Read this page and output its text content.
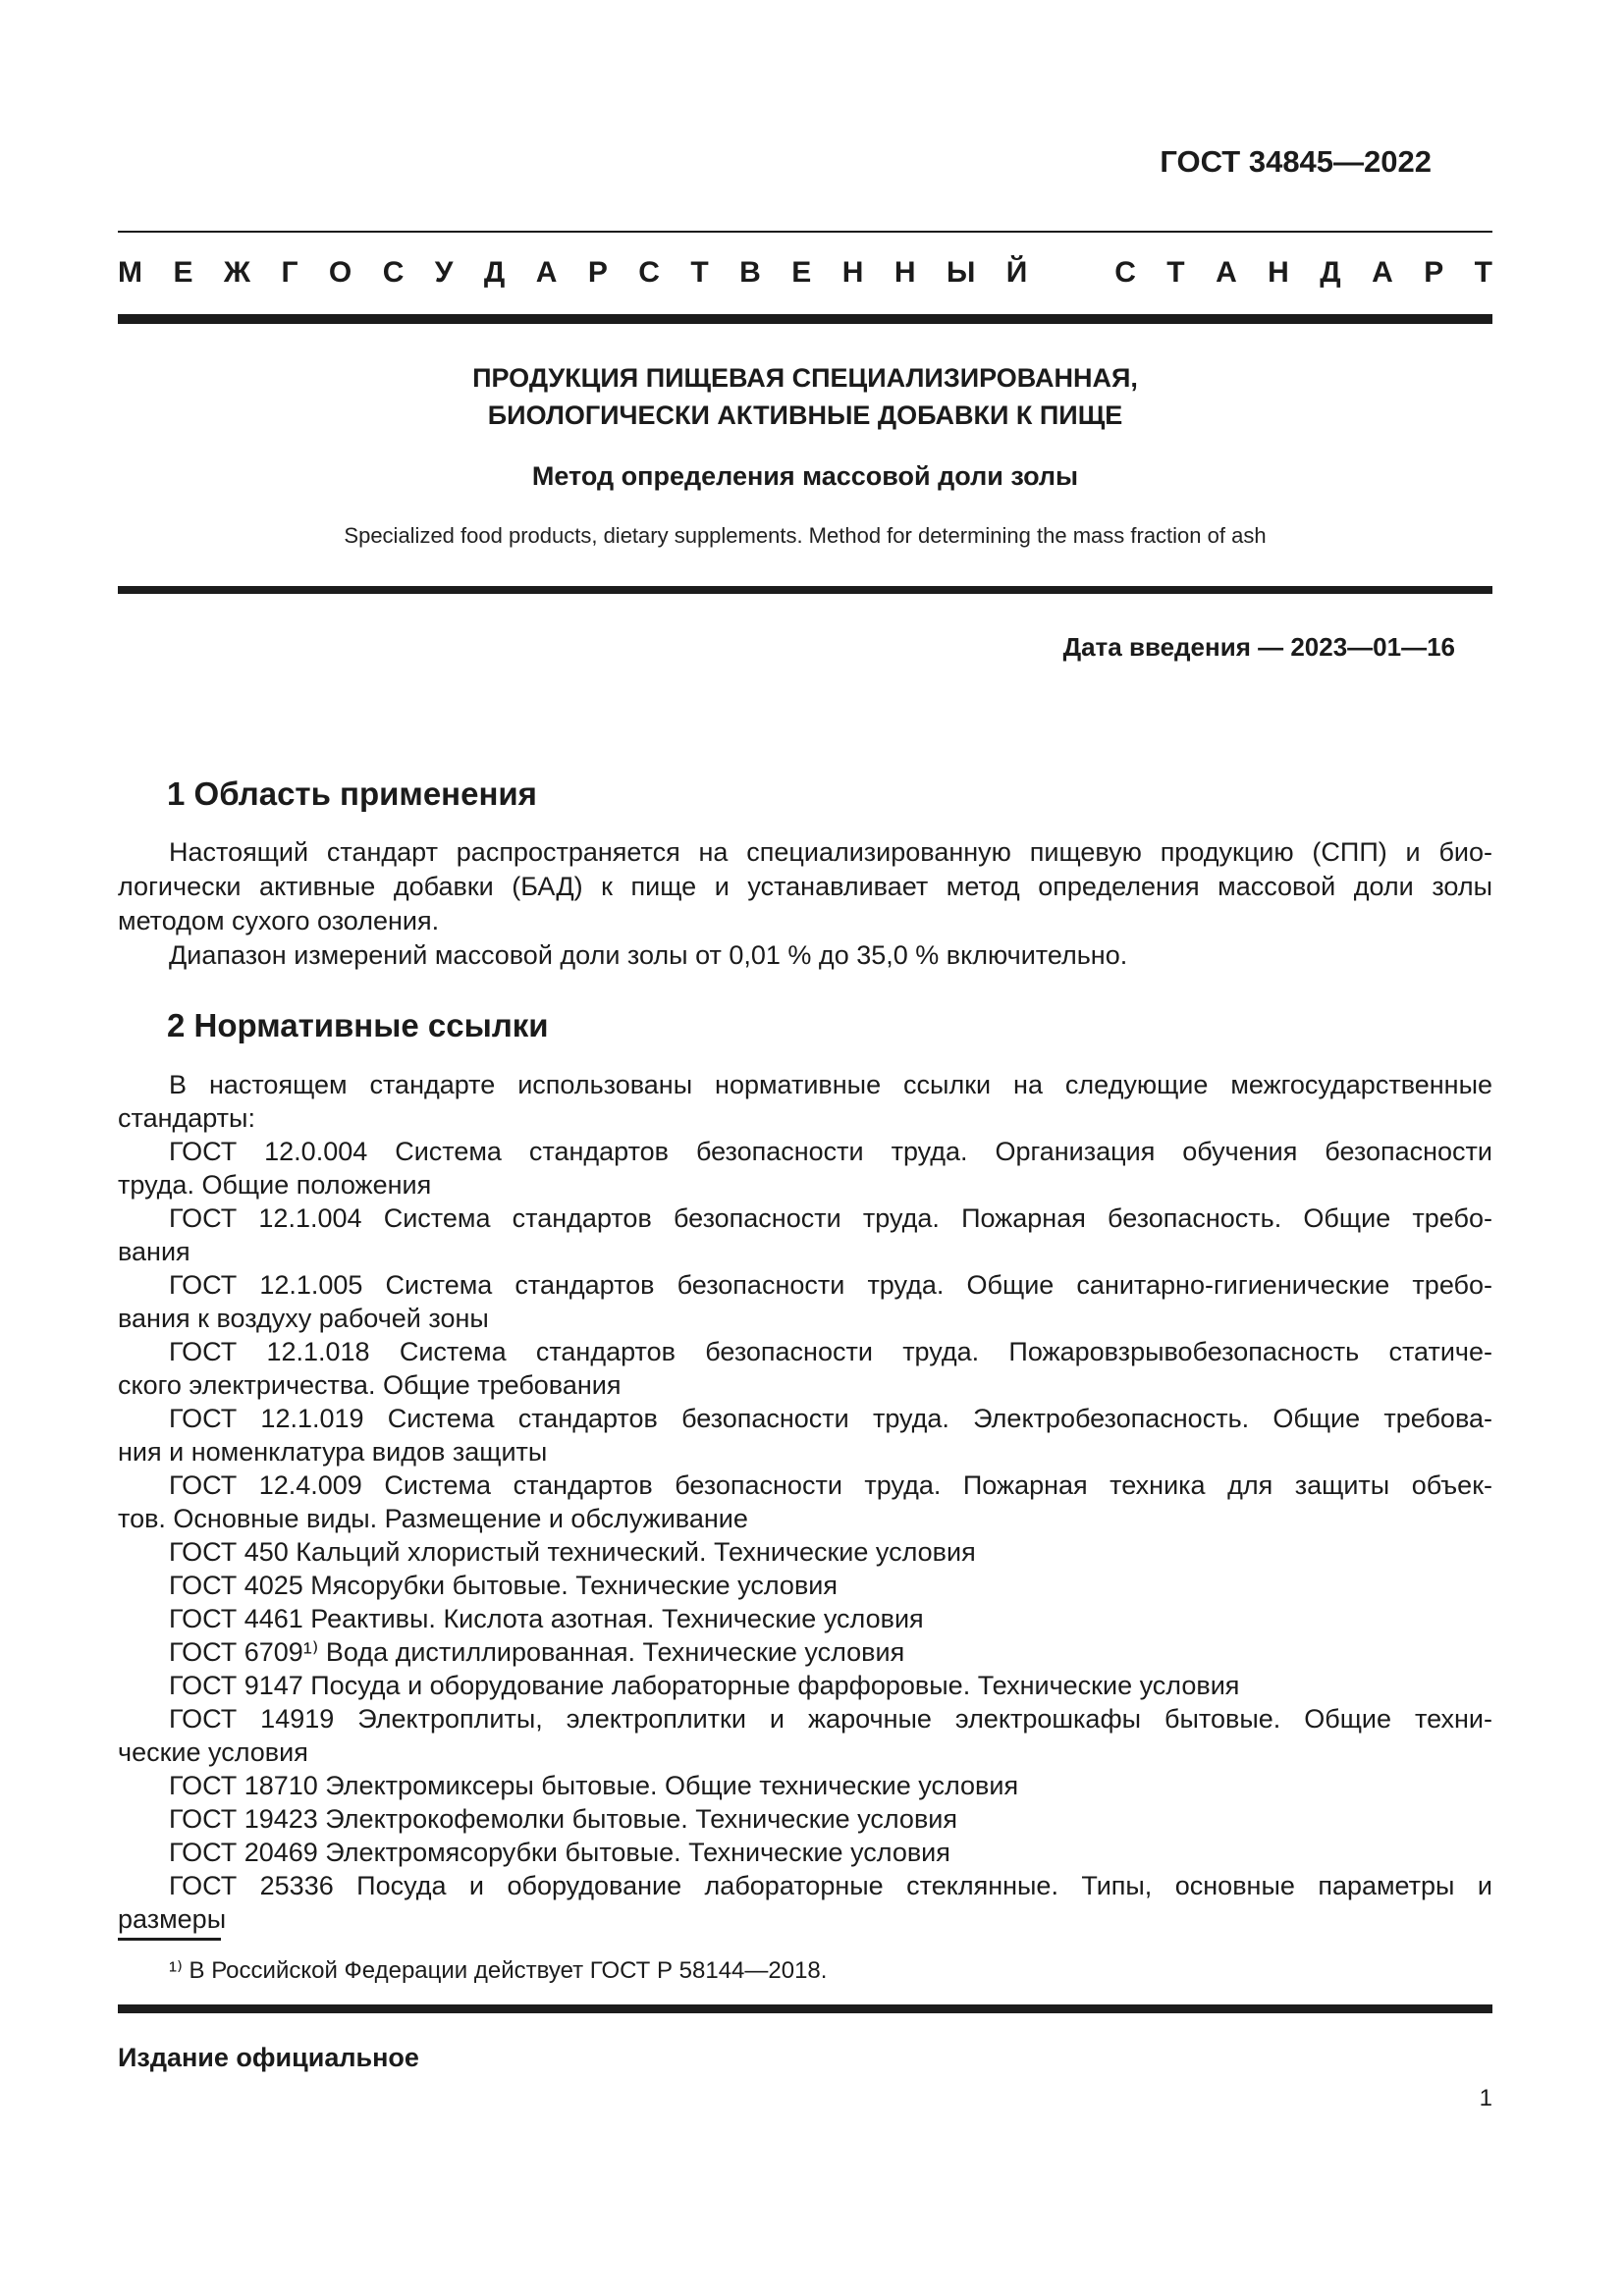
ГОСТ 34845—2022
М Е Ж Г О С У Д А Р С Т В Е Н Н Ы Й
	С Т А Н Д А Р Т
ПРОДУКЦИЯ ПИЩЕВАЯ СПЕЦИАЛИЗИРОВАННАЯ,
БИОЛОГИЧЕСКИ АКТИВНЫЕ ДОБАВКИ К ПИЩЕ
Метод определения массовой доли золы
Specialized food products, dietary supplements. Method for determining the mass fraction of ash
Дата введения — 2023—01—16
1 Область применения
Настоящий стандарт распространяется на специализированную пищевую продукцию (СПП) и био-
логически активные добавки (БАД) к пище и устанавливает метод определения массовой доли золы
методом сухого озоления.
Диапазон измерений массовой доли золы от 0,01 % до 35,0 % включительно.
2 Нормативные ссылки
В настоящем стандарте использованы нормативные ссылки на следующие межгосударственные
стандарты:
ГОСТ 12.0.004 Система стандартов безопасности труда. Организация обучения безопасности
труда. Общие положения
ГОСТ 12.1.004 Система стандартов безопасности труда. Пожарная безопасность. Общие требо-
вания
ГОСТ 12.1.005 Система стандартов безопасности труда. Общие санитарно-гигиенические требо-
вания к воздуху рабочей зоны
ГОСТ 12.1.018 Система стандартов безопасности труда. Пожаровзрывобезопасность статиче-
ского электричества. Общие требования
ГОСТ 12.1.019 Система стандартов безопасности труда. Электробезопасность. Общие требова-
ния и номенклатура видов защиты
ГОСТ 12.4.009 Система стандартов безопасности труда. Пожарная техника для защиты объек-
тов. Основные виды. Размещение и обслуживание
ГОСТ 450 Кальций хлористый технический. Технические условия
ГОСТ 4025 Мясорубки бытовые. Технические условия
ГОСТ 4461 Реактивы. Кислота азотная. Технические условия
ГОСТ 6709¹⁾ Вода дистиллированная. Технические условия
ГОСТ 9147 Посуда и оборудование лабораторные фарфоровые. Технические условия
ГОСТ 14919 Электроплиты, электроплитки и жарочные электрошкафы бытовые. Общие техни-
ческие условия
ГОСТ 18710 Электромиксеры бытовые. Общие технические условия
ГОСТ 19423 Электрокофемолки бытовые. Технические условия
ГОСТ 20469 Электромясорубки бытовые. Технические условия
ГОСТ 25336 Посуда и оборудование лабораторные стеклянные. Типы, основные параметры и
размеры
¹⁾ В Российской Федерации действует ГОСТ Р 58144—2018.
Издание официальное
1
